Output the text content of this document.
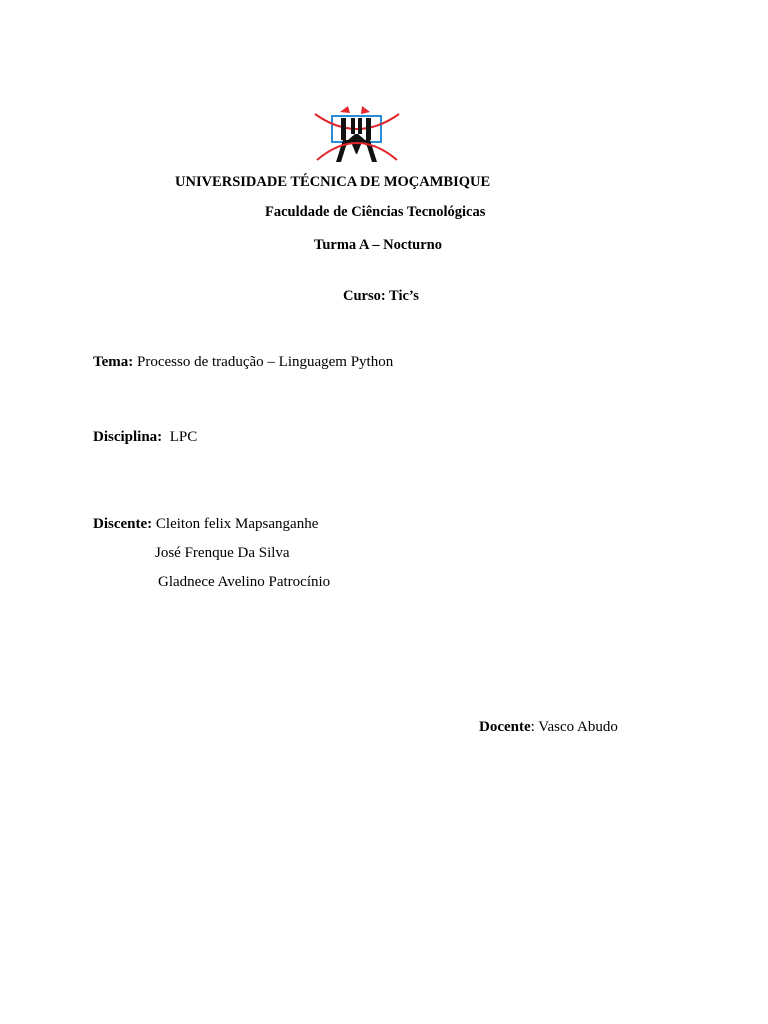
UNIVERSIDADE TÉCNICA DE MOÇAMBIQUE
Faculdade de Ciências Tecnológicas
Turma A – Nocturno
Curso: Tic’s
Tema: Processo de tradução – Linguagem Python
Disciplina:  LPC
Discente: Cleiton felix Mapsanganhe
José Frenque Da Silva
Gladnece Avelino Patrocínio
Docente: Vasco Abudo
